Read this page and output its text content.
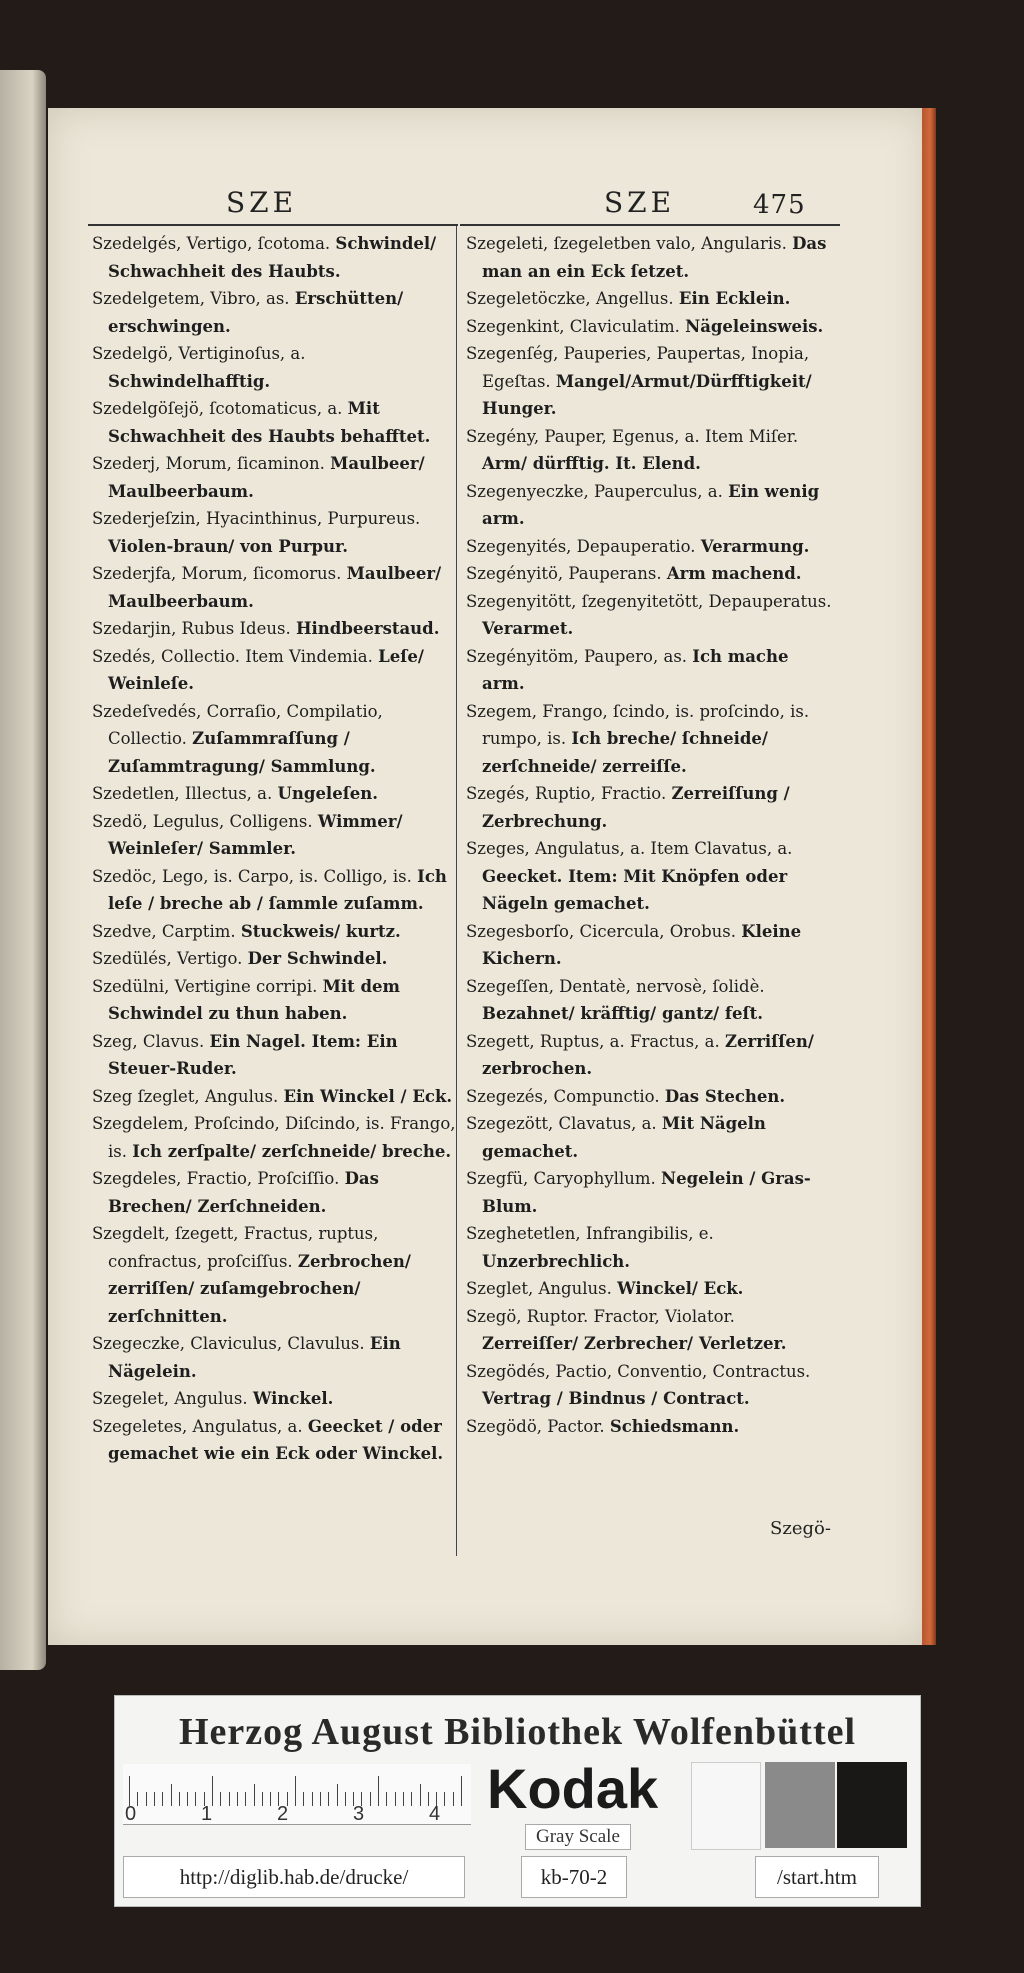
SZE	SZE	475

Szedelgés, Vertigo, ſcotoma. Schwindel/ Schwachheit des Haubts.

Szedelgetem, Vibro, as. Erschütten/ erschwingen.

Szedelgö, Vertiginoſus, a. Schwindelhafftig.

Szedelgöſejö, ſcotomaticus, a. Mit Schwachheit des Haubts behafftet.

Szederj, Morum, ſicaminon. Maulbeer/ Maulbeerbaum.

Szederjeſzin, Hyacinthinus, Purpureus. Violen-braun/ von Purpur.

Szederjfa, Morum, ſicomorus. Maulbeer/ Maulbeerbaum.

Szedarjin, Rubus Ideus. Hindbeerstaud.

Szedés, Collectio. Item Vindemia. Leſe/ Weinleſe.

Szedeſvedés, Corraſio, Compilatio, Collectio. Zuſammraſſung / Zuſammtragung/ Sammlung.

Szedetlen, Illectus, a. Ungeleſen.

Szedö, Legulus, Colligens. Wimmer/ Weinleſer/ Sammler.

Szedöc, Lego, is. Carpo, is. Colligo, is. Ich leſe / breche ab / ſammle zuſamm.

Szedve, Carptim. Stuckweis/ kurtz.

Szedülés, Vertigo. Der Schwindel.

Szedülni, Vertigine corripi. Mit dem Schwindel zu thun haben.

Szeg, Clavus. Ein Nagel. Item: Ein Steuer-Ruder.

Szeg ſzeglet, Angulus. Ein Winckel / Eck.

Szegdelem, Proſcindo, Diſcindo, is. Frango, is. Ich zerſpalte/ zerſchneide/ breche.

Szegdeles, Fractio, Proſciſſio. Das Brechen/ Zerſchneiden.

Szegdelt, ſzegett, Fractus, ruptus, confractus, proſciſſus. Zerbrochen/ zerriſſen/ zuſamgebrochen/ zerſchnitten.

Szegeczke, Claviculus, Clavulus. Ein Nägelein.

Szegelet, Angulus. Winckel.

Szegeletes, Angulatus, a. Geecket / oder gemachet wie ein Eck oder Winckel.

Szegeleti, ſzegeletben valo, Angularis. Das man an ein Eck ſetzet.

Szegeletöczke, Angellus. Ein Ecklein.

Szegenkint, Claviculatim. Nägeleinsweis.

Szegenſég, Pauperies, Paupertas, Inopia, Egeſtas. Mangel/Armut/Dürfftigkeit/ Hunger.

Szegény, Pauper, Egenus, a. Item Miſer. Arm/ dürfftig. It. Elend.

Szegenyeczke, Pauperculus, a. Ein wenig arm.

Szegenyités, Depauperatio. Verarmung.

Szegényitö, Pauperans. Arm machend.

Szegenyitött, ſzegenyitetött, Depauperatus. Verarmet.

Szegényitöm, Paupero, as. Ich mache arm.

Szegem, Frango, ſcindo, is. proſcindo, is. rumpo, is. Ich breche/ ſchneide/ zerſchneide/ zerreiſſe.

Szegés, Ruptio, Fractio. Zerreiſſung / Zerbrechung.

Szeges, Angulatus, a. Item Clavatus, a. Geecket. Item: Mit Knöpfen oder Nägeln gemachet.

Szegesborſo, Cicercula, Orobus. Kleine Kichern.

Szegeſſen, Dentatè, nervosè, ſolidè. Bezahnet/ kräfftig/ gantz/ feſt.

Szegett, Ruptus, a. Fractus, a. Zerriſſen/ zerbrochen.

Szegezés, Compunctio. Das Stechen.

Szegezött, Clavatus, a. Mit Nägeln gemachet.

Szegfü, Caryophyllum. Negelein / Gras-Blum.

Szeghetetlen, Infrangibilis, e. Unzerbrechlich.

Szeglet, Angulus. Winckel/ Eck.

Szegö, Ruptor. Fractor, Violator. Zerreiſſer/ Zerbrecher/ Verletzer.

Szegödés, Pactio, Conventio, Contractus. Vertrag / Bindnus / Contract.

Szegödö, Pactor. Schiedsmann.

Szegö-
Herzog August Bibliothek Wolfenbüttel
0	1	2	3	4 Kodak
Gray Scale
http://diglib.hab.de/drucke/	kb-70-2	/start.htm
